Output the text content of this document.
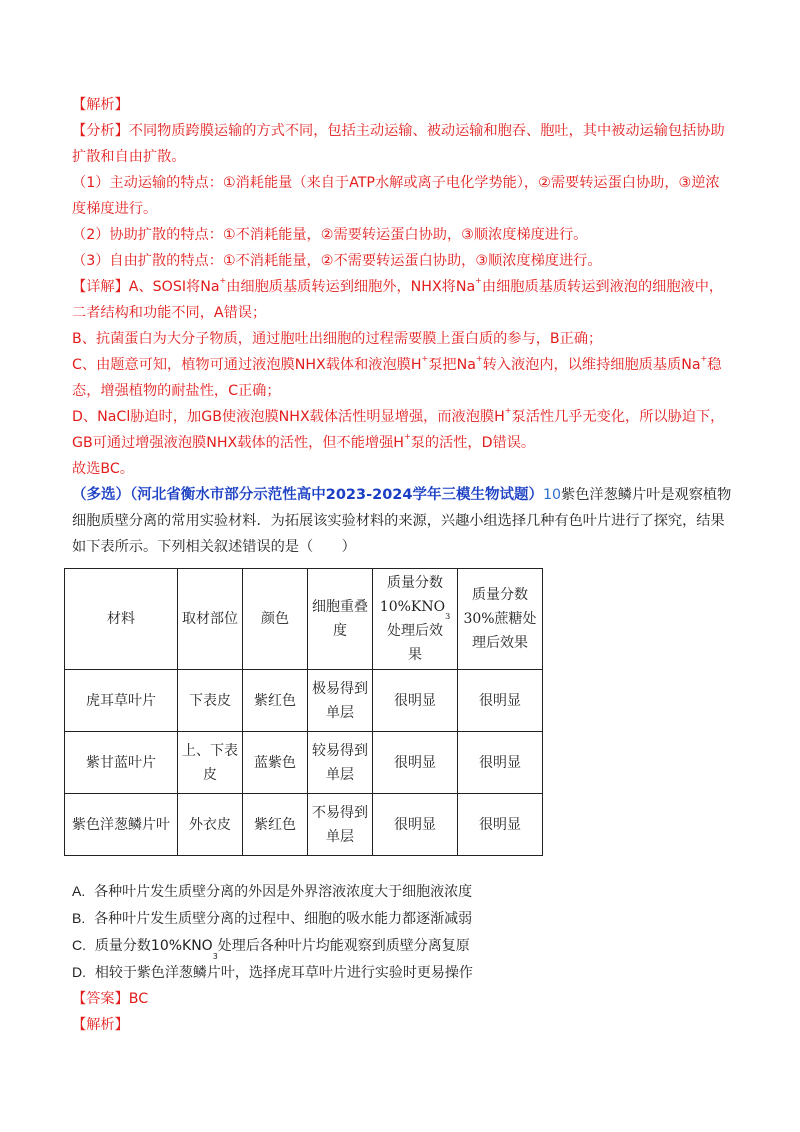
【解析】

【分析】不同物质跨膜运输的方式不同，包括主动运输、被动运输和胞吞、胞吐，其中被动运输包括协助扩散和自由扩散。

（1）主动运输的特点：①消耗能量（来自于ATP水解或离子电化学势能），②需要转运蛋白协助，③逆浓度梯度进行。

（2）协助扩散的特点：①不消耗能量，②需要转运蛋白协助，③顺浓度梯度进行。

（3）自由扩散的特点：①不消耗能量，②不需要转运蛋白协助，③顺浓度梯度进行。

【详解】A、SOSI将Na+由细胞质基质转运到细胞外，NHX将Na+由细胞质基质转运到液泡的细胞液中，二者结构和功能不同，A错误；

B、抗菌蛋白为大分子物质，通过胞吐出细胞的过程需要膜上蛋白质的参与，B正确；

C、由题意可知，植物可通过液泡膜NHX载体和液泡膜H+泵把Na+转入液泡内，以维持细胞质基质Na+稳态，增强植物的耐盐性，C正确；

D、NaCl胁迫时，加GB使液泡膜NHX载体活性明显增强，而液泡膜H+泵活性几乎无变化，所以胁迫下，GB可通过增强液泡膜NHX载体的活性，但不能增强H+泵的活性，D错误。

故选BC。

（多选）（河北省衡水市部分示范性高中2023-2024学年三模生物试题）10紫色洋葱鳞片叶是观察植物细胞质壁分离的常用实验材料．为拓展该实验材料的来源，兴趣小组选择几种有色叶片进行了探究，结果如下表所示。下列相关叙述错误的是（　　）

材料	取材部位	颜色	细胞重叠度	质量分数
$10\%KNO_3$
处理后效
果	质量分数
30%蔗糖处
理后效果
虎耳草叶片	下表皮	紫红色	极易得到单层	很明显	很明显
紫甘蓝叶片	上、下表皮	蓝紫色	较易得到单层	很明显	很明显
紫色洋葱鳞片叶	外衣皮	紫红色	不易得到单层	很明显	很明显

A. 各种叶片发生质壁分离的外因是外界溶液浓度大于细胞液浓度

B. 各种叶片发生质壁分离的过程中、细胞的吸水能力都逐渐减弱

C. 质量分数$10\%KNO_3$处理后各种叶片均能观察到质壁分离复原

D. 相较于紫色洋葱鳞片叶，选择虎耳草叶片进行实验时更易操作

【答案】BC

【解析】
